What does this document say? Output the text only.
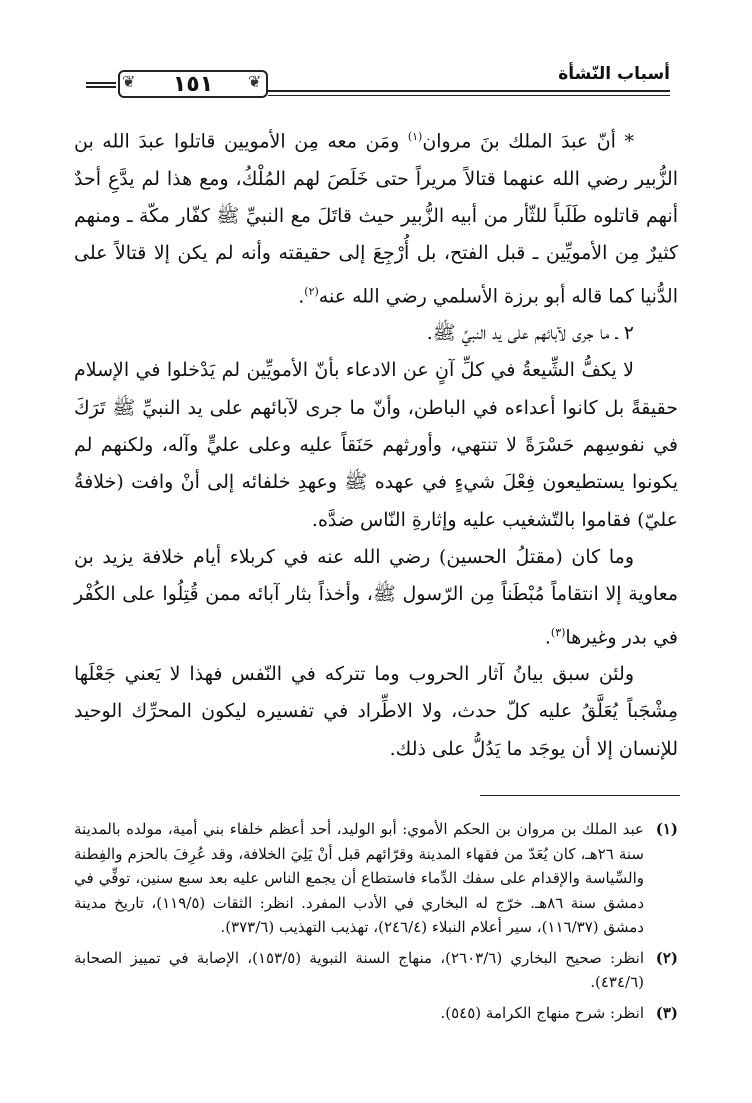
١٥١
❦	❦	أسباب النّشأة

* أنّ عبدَ الملك بنَ مروان$^{(١)}$ ومَن معه مِن الأمويين قاتلوا عبدَ الله بن الزُّبير رضي الله عنهما قتالاً مريراً حتى خَلَصَ لهم المُلْكُ، ومع هذا لم يدَّعِ أحدٌ أنهم قاتلوه طَلَباً للثّأر من أبيه الزُّبير حيث قاتَلَ مع النبيِّ ﷺ كفّار مكّة ـ ومنهم كثيرٌ مِن الأمويِّين ـ قبل الفتح، بل أُرْجِعَ إلى حقيقته وأنه لم يكن إلا قتالاً على الدُّنيا كما قاله أبو برزة الأسلمي رضي الله عنه$^{(٢)}$.

٢ ـ ما جرى لآبائهم على يد النبيِّ ﷺ.

لا يكفُّ الشِّيعةُ في كلِّ آنٍ عن الادعاء بأنّ الأمويِّين لم يَدْخلوا في الإسلام حقيقةً بل كانوا أعداءه في الباطن، وأنّ ما جرى لآبائهم على يد النبيِّ ﷺ تَرَكَ في نفوسِهم حَسْرَةً لا تنتهي، وأورثهم حَنَقاً عليه وعلى عليٍّ وآله، ولكنهم لم يكونوا يستطيعون فِعْلَ شيءٍ في عهده ﷺ وعهدِ خلفائه إلى أنْ وافت (خلافةُ عليّ) فقاموا بالتّشغيب عليه وإثارةِ النّاس ضدَّه.

وما كان (مقتلُ الحسين) رضي الله عنه في كربلاء أيام خلافة يزيد بن معاوية إلا انتقاماً مُبْطَناً مِن الرّسول ﷺ، وأخذاً بثار آبائه ممن قُتِلُوا على الكُفْر في بدر وغيرها$^{(٣)}$.

ولئن سبق بيانُ آثار الحروب وما تتركه في النّفس فهذا لا يَعني جَعْلَها مِشْجَباً يُعَلَّقُ عليه كلّ حدث، ولا الاطِّراد في تفسيره ليكون المحرِّك الوحيد للإنسان إلا أن يوجَد ما يَدُلُّ على ذلك.

(١)
عبد الملك بن مروان بن الحكم الأموي: أبو الوليد، أحد أعظم خلفاء بني أمية، مولده بالمدينة سنة ٢٦هـ، كان يُعَدّ من فقهاء المدينة وقرّائهم قبل أنْ يَلِيَ الخلافة، وقد عُرِفَ بالحزم والفِطنة والسِّياسة والإقدام على سفك الدِّماء فاستطاع أن يجمع الناس عليه بعد سبع سنين، توفِّي في دمشق سنة ٨٦هـ. خرّج له البخاري في الأدب المفرد. انظر: الثقات (١١٩/٥)، تاريخ مدينة دمشق (١١٦/٣٧)، سير أعلام النبلاء (٢٤٦/٤)، تهذيب التهذيب (٣٧٣/٦).
(٢)
انظر: صحيح البخاري (٢٦٠٣/٦)، منهاج السنة النبوية (١٥٣/٥)، الإصابة في تمييز الصحابة (٤٣٤/٦).
(٣)
انظر: شرح منهاج الكرامة (٥٤٥).
